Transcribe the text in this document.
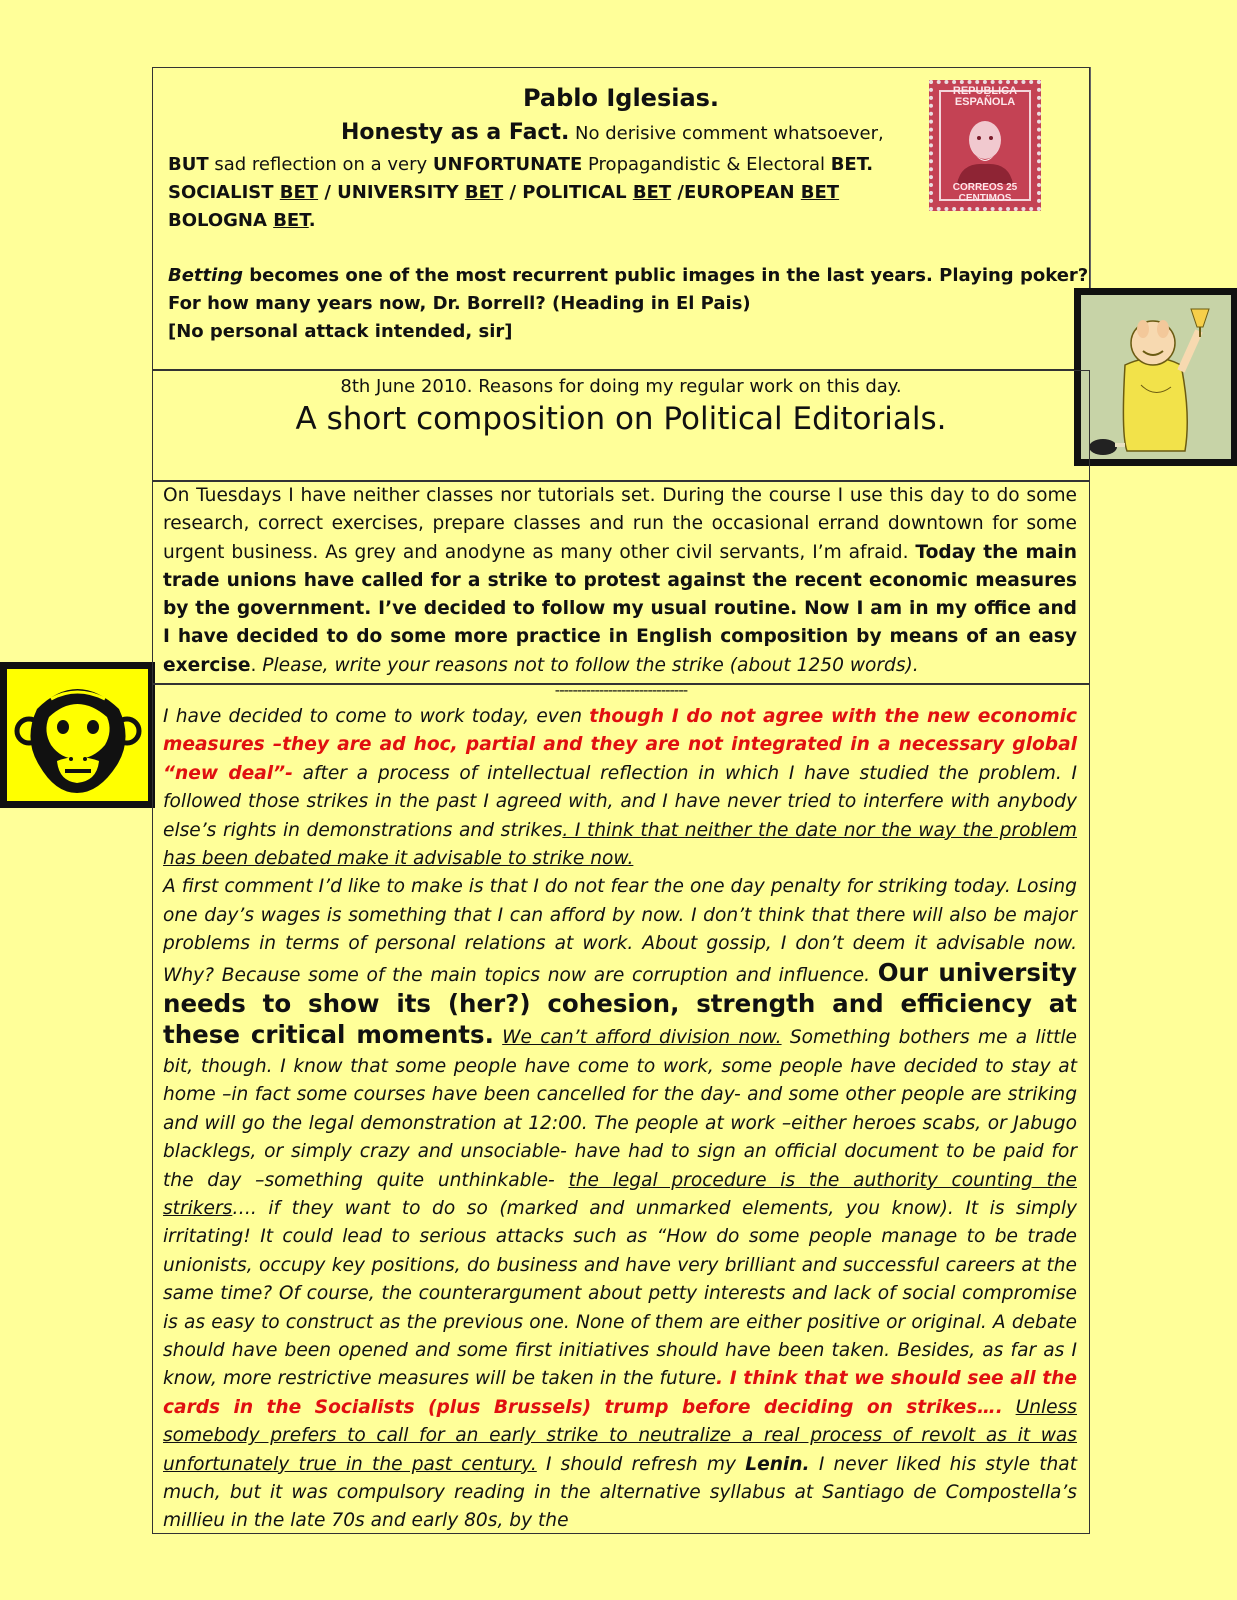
Pablo Iglesias.
Honesty as a Fact. No derisive comment whatsoever,
BUT sad reflection on a very UNFORTUNATE Propagandistic & Electoral BET.
SOCIALIST BET / UNIVERSITY BET / POLITICAL BET /EUROPEAN BET
BOLOGNA BET.
Betting becomes one of the most recurrent public images in the last years. Playing poker?
For how many years now, Dr. Borrell? (Heading in El Pais)
[No personal attack intended, sir]
REPUBLICA ESPAÑOLA
CORREOS 25 CENTIMOS
8th June 2010. Reasons for doing my regular work on this day.
A short composition on Political Editorials.
On Tuesdays I have neither classes nor tutorials set. During the course I use this day to do some research, correct exercises, prepare classes and run the occasional errand downtown for some urgent business. As grey and anodyne as many other civil servants, I’m afraid. Today the main trade unions have called for a strike to protest against the recent economic measures by the government. I’ve decided to follow my usual routine. Now I am in my office and I have decided to do some more practice in English composition by means of an easy exercise. Please, write your reasons not to follow the strike (about 1250 words).
------------------------------
I have decided to come to work today, even though I do not agree with the new economic measures –they are ad hoc, partial and they are not integrated in a necessary global “new deal”- after a process of intellectual reflection in which I have studied the problem. I followed those strikes in the past I agreed with, and I have never tried to interfere with anybody else’s rights in demonstrations and strikes. I think that neither the date nor the way the problem has been debated make it advisable to strike now.
A first comment I’d like to make is that I do not fear the one day penalty for striking today. Losing one day’s wages is something that I can afford by now. I don’t think that there will also be major problems in terms of personal relations at work. About gossip, I don’t deem it advisable now. Why? Because some of the main topics now are corruption and influence. Our university needs to show its (her?) cohesion, strength and efficiency at these critical moments. We can’t afford division now. Something bothers me a little bit, though. I know that some people have come to work, some people have decided to stay at home –in fact some courses have been cancelled for the day- and some other people are striking and will go the legal demonstration at 12:00. The people at work –either heroes scabs, or Jabugo blacklegs, or simply crazy and unsociable- have had to sign an official document to be paid for the day –something quite unthinkable- the legal procedure is the authority counting the strikers…. if they want to do so (marked and unmarked elements, you know). It is simply irritating! It could lead to serious attacks such as “How do some people manage to be trade unionists, occupy key positions, do business and have very brilliant and successful careers at the same time? Of course, the counterargument about petty interests and lack of social compromise is as easy to construct as the previous one. None of them are either positive or original. A debate should have been opened and some first initiatives should have been taken. Besides, as far as I know, more restrictive measures will be taken in the future. I think that we should see all the cards in the Socialists (plus Brussels) trump before deciding on strikes…. Unless somebody prefers to call for an early strike to neutralize a real process of revolt as it was unfortunately true in the past century. I should refresh my Lenin. I never liked his style that much, but it was compulsory reading in the alternative syllabus at Santiago de Compostella’s millieu in the late 70s and early 80s, by the
